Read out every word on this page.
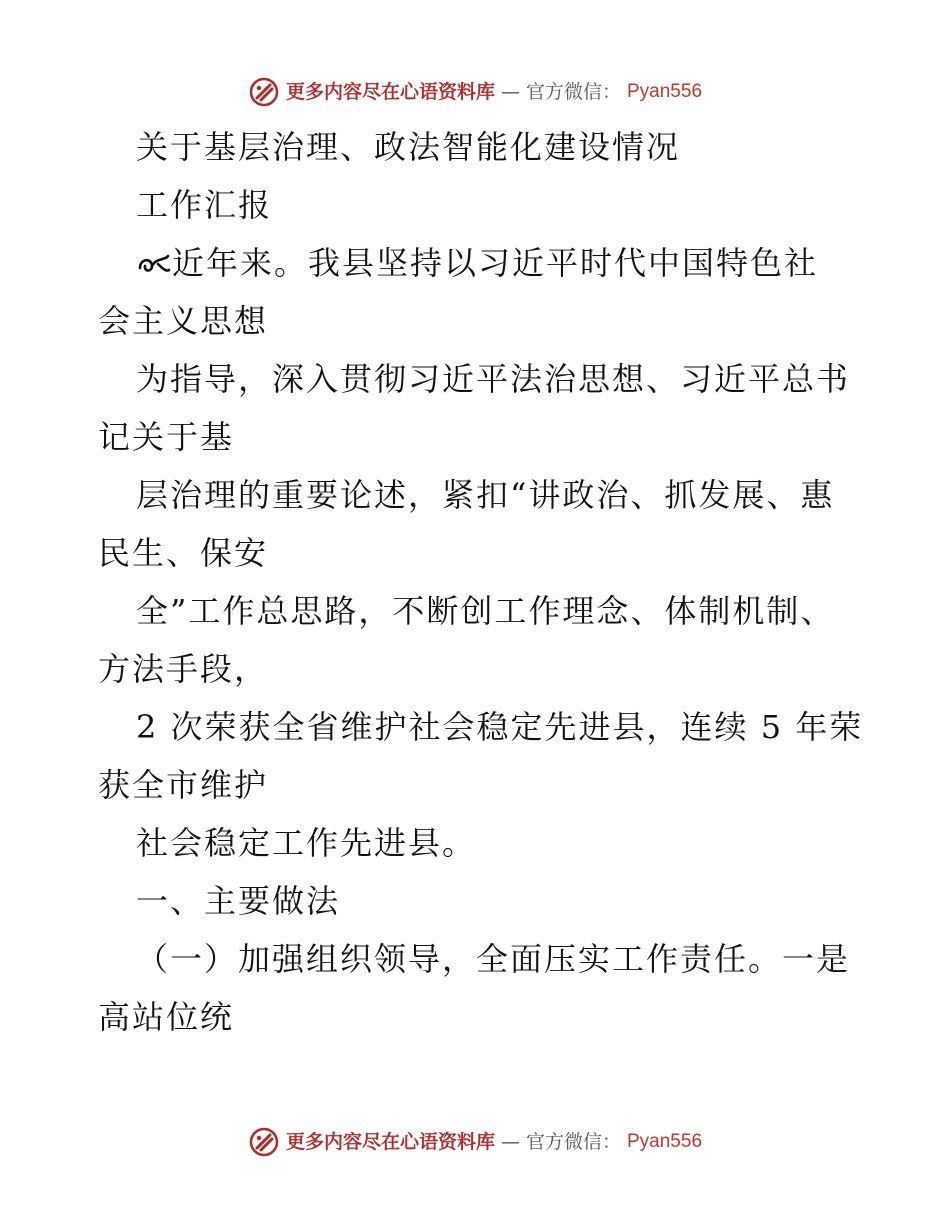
更多内容尽在心语资料库 — 官方微信： Pyan556
关于基层治理、政法智能化建设情况
工作汇报
近年来。我县坚持以习近平时代中国特色社
会主义思想
为指导，深入贯彻习近平法治思想、习近平总书
记关于基
层治理的重要论述，紧扣“讲政治、抓发展、惠
民生、保安
全”工作总思路，不断创工作理念、体制机制、
方法手段，
2 次荣获全省维护社会稳定先进县，连续 5 年荣
获全市维护
社会稳定工作先进县。
一、主要做法
（一）加强组织领导，全面压实工作责任。一是
高站位统
更多内容尽在心语资料库 — 官方微信： Pyan556
